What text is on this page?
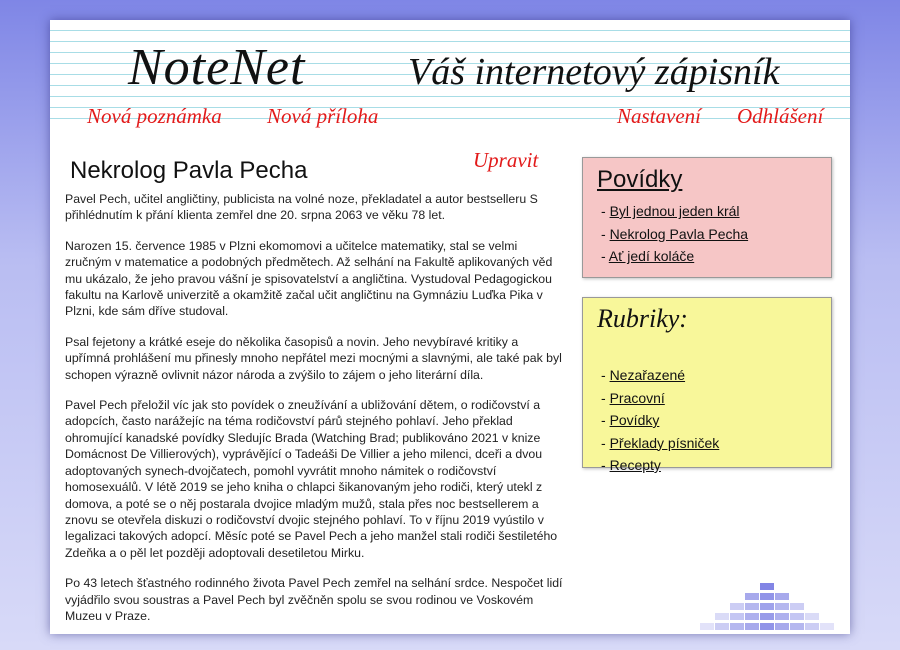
NoteNet	Váš internetový zápisník
Nová poznámka Nová příloha	Nastavení Odhlášení
Nekrolog Pavla Pecha	Upravit

Pavel Pech, učitel angličtiny, publicista na volné noze, překladatel a autor bestselleru S přihlédnutím k přání klienta zemřel dne 20. srpna 2063 ve věku 78 let.

Narozen 15. července 1985 v Plzni ekomomovi a učitelce matematiky, stal se velmi zručným v matematice a podobných předmětech. Až selhání na Fakultě aplikovaných věd mu ukázalo, že jeho pravou vášní je spisovatelství a angličtina. Vystudoval Pedagogickou fakultu na Karlově univerzitě a okamžitě začal učit angličtinu na Gymnáziu Luďka Pika v Plzni, kde sám dříve studoval.

Psal fejetony a krátké eseje do několika časopisů a novin. Jeho nevybíravé kritiky a upřímná prohlášení mu přinesly mnoho nepřátel mezi mocnými a slavnými, ale také pak byl schopen výrazně ovlivnit názor národa a zvýšilo to zájem o jeho literární díla.

Pavel Pech přeložil víc jak sto povídek o zneužívání a ubližování dětem, o rodičovství a adopcích, často narážejíc na téma rodičovství párů stejného pohlaví. Jeho překlad ohromující kanadské povídky Sledujíc Brada (Watching Brad; publikováno 2021 v knize Domácnost De Villierových), vyprávějící o Tadeáši De Villier a jeho milenci, dceři a dvou adoptovaných synech-dvojčatech, pomohl vyvrátit mnoho námitek o rodičovství homosexuálů. V létě 2019 se jeho kniha o chlapci šikanovaným jeho rodiči, který utekl z domova, a poté se o něj postarala dvojice mladým mužů, stala přes noc bestsellerem a znovu se otevřela diskuzi o rodičovství dvojic stejného pohlaví. To v říjnu 2019 vyústilo v legalizaci takových adopcí. Měsíc poté se Pavel Pech a jeho manžel stali rodiči šestiletého Zdeňka a o pěl let později adoptovali desetiletou Mirku.

Po 43 letech šťastného rodinného života Pavel Pech zemřel na selhání srdce. Nespočet lidí vyjádřilo svou soustras a Pavel Pech byl zvěčněn spolu se svou rodinou ve Voskovém Muzeu v Praze.

Povídky
- Byl jednou jeden král
- Nekrolog Pavla Pecha
- Ať jedí koláče
Rubriky:
- Nezařazené
- Pracovní
- Povídky
- Překlady písniček
- Recepty
